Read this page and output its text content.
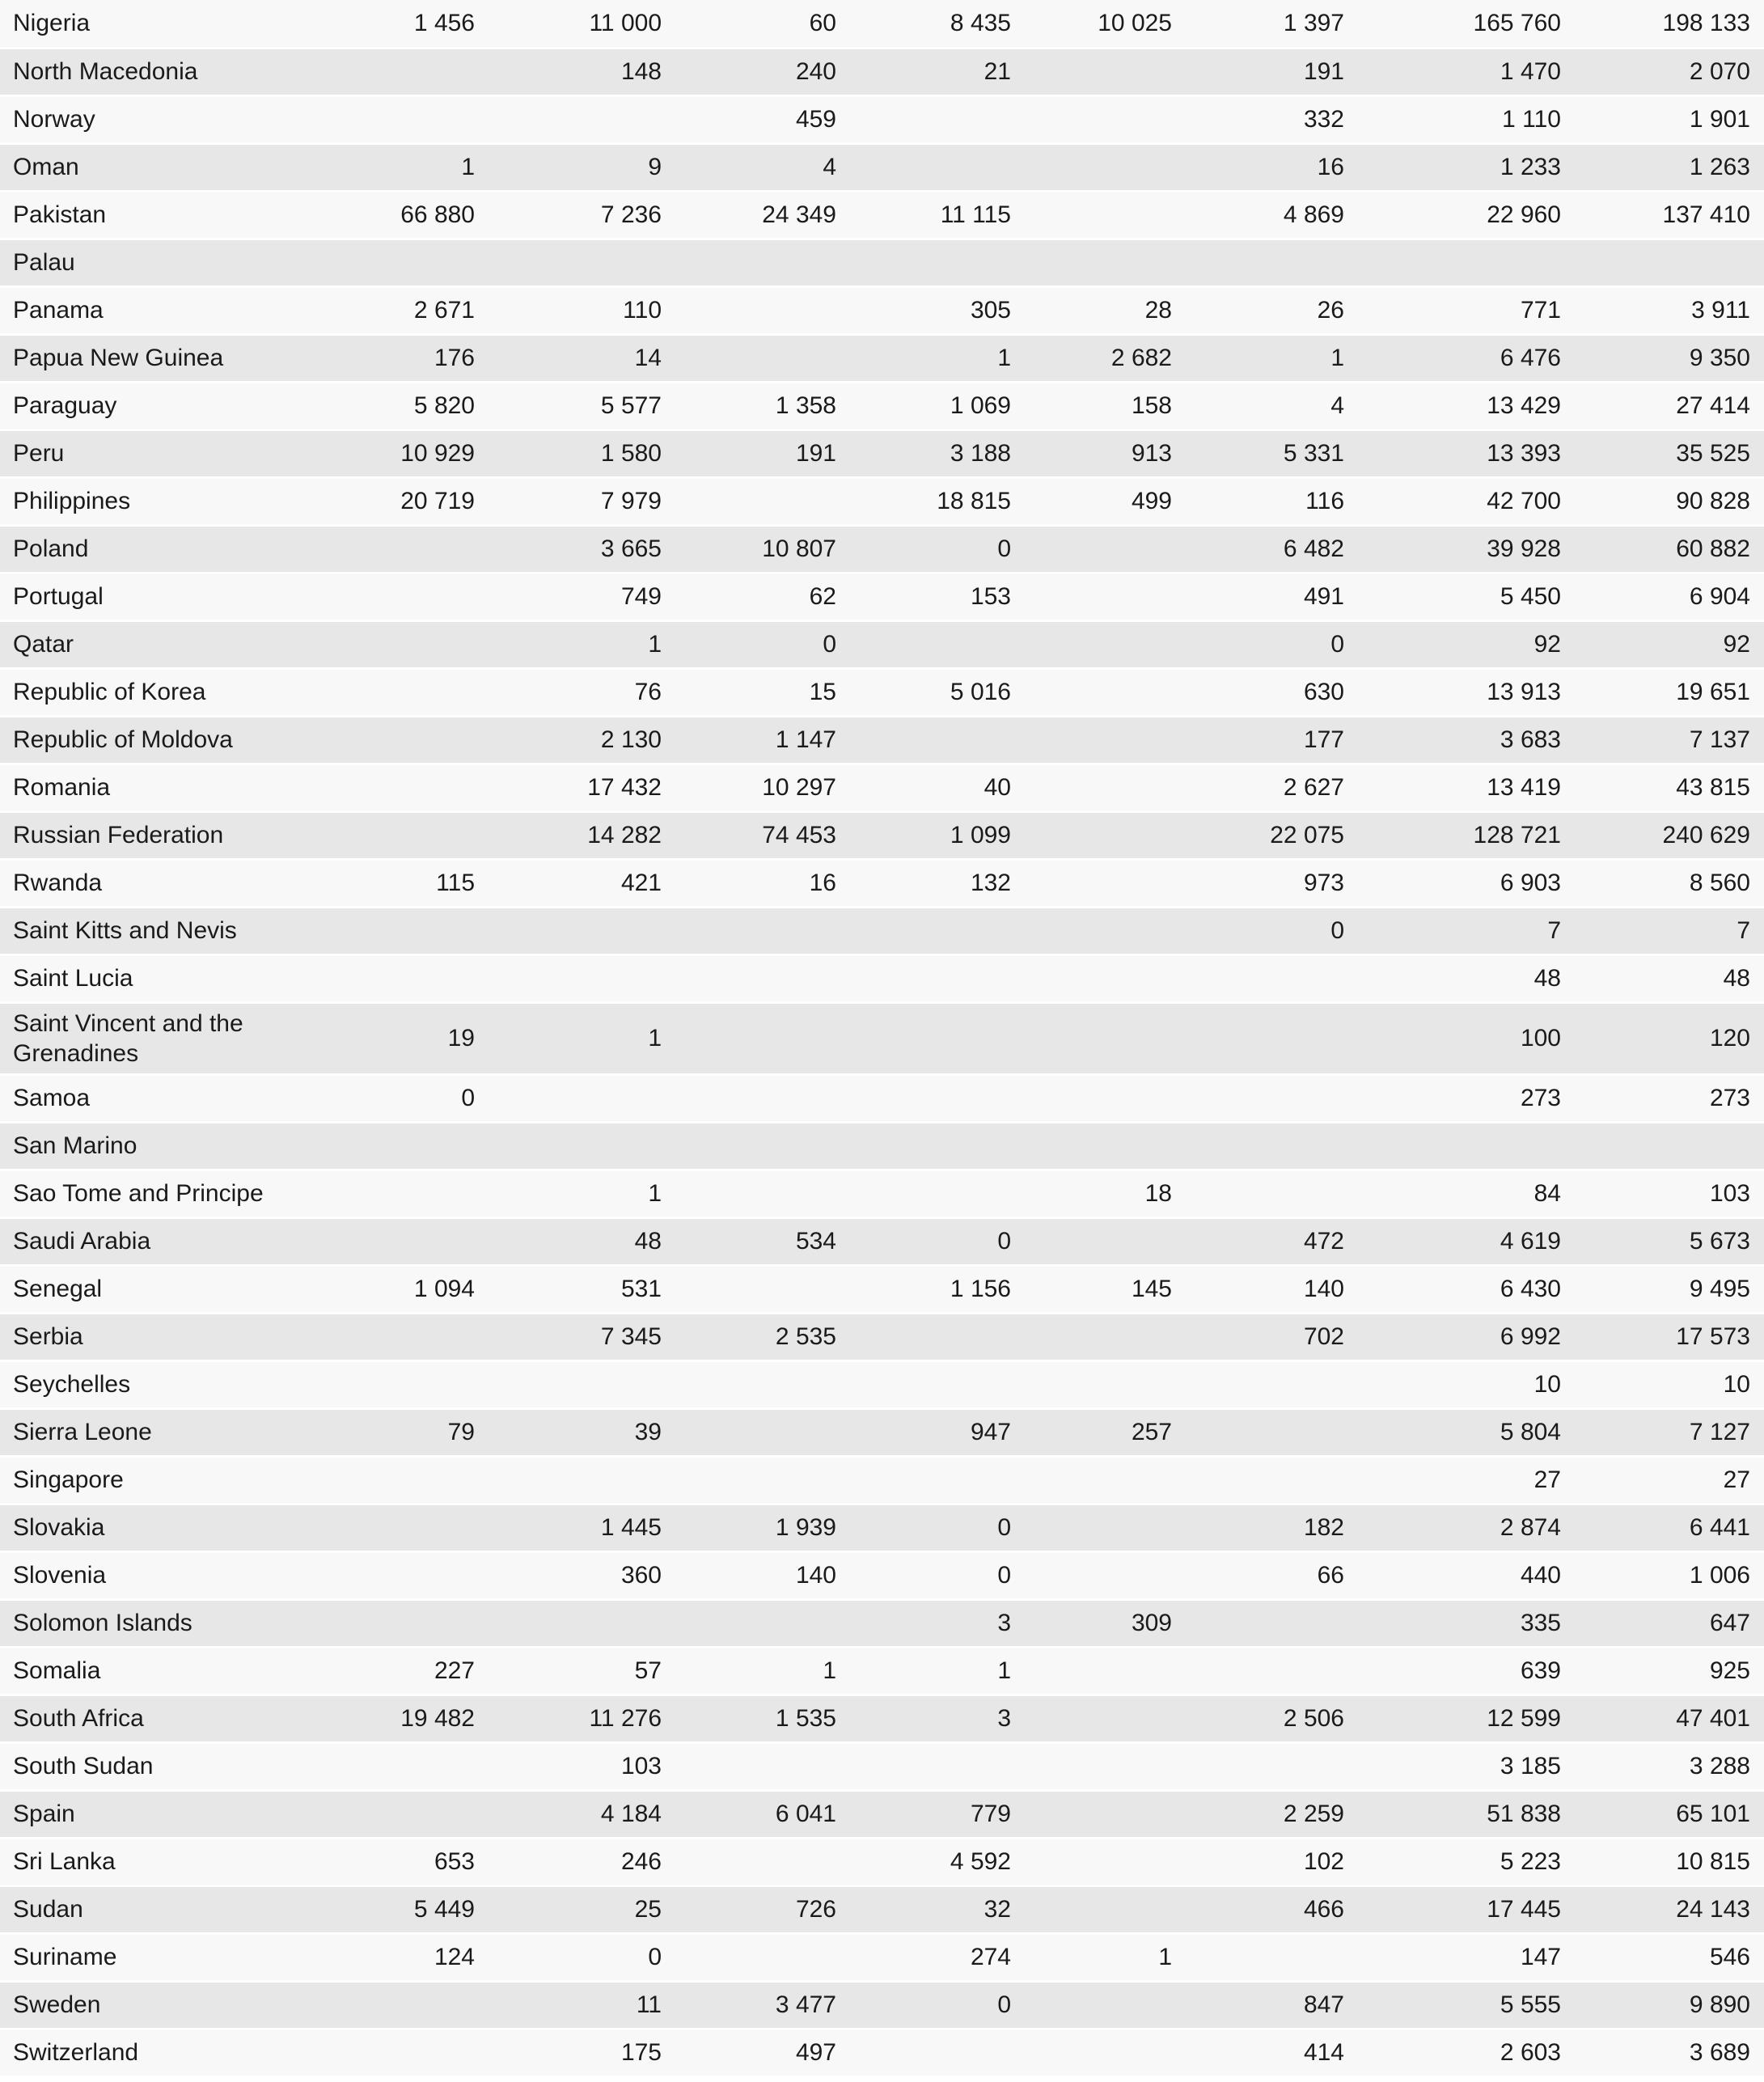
Nigeria	1 456	11 000	60	8 435	10 025	1 397	165 760	198 133
North Macedonia		148	240	21		191	1 470	2 070
Norway			459			332	1 110	1 901
Oman	1	9	4			16	1 233	1 263
Pakistan	66 880	7 236	24 349	11 115		4 869	22 960	137 410
Palau								
Panama	2 671	110		305	28	26	771	3 911
Papua New Guinea	176	14		1	2 682	1	6 476	9 350
Paraguay	5 820	5 577	1 358	1 069	158	4	13 429	27 414
Peru	10 929	1 580	191	3 188	913	5 331	13 393	35 525
Philippines	20 719	7 979		18 815	499	116	42 700	90 828
Poland		3 665	10 807	0		6 482	39 928	60 882
Portugal		749	62	153		491	5 450	6 904
Qatar		1	0			0	92	92
Republic of Korea		76	15	5 016		630	13 913	19 651
Republic of Moldova		2 130	1 147			177	3 683	7 137
Romania		17 432	10 297	40		2 627	13 419	43 815
Russian Federation		14 282	74 453	1 099		22 075	128 721	240 629
Rwanda	115	421	16	132		973	6 903	8 560
Saint Kitts and Nevis						0	7	7
Saint Lucia							48	48
Saint Vincent and the Grenadines	19	1					100	120
Samoa	0						273	273
San Marino								
Sao Tome and Principe		1			18		84	103
Saudi Arabia		48	534	0		472	4 619	5 673
Senegal	1 094	531		1 156	145	140	6 430	9 495
Serbia		7 345	2 535			702	6 992	17 573
Seychelles							10	10
Sierra Leone	79	39		947	257		5 804	7 127
Singapore							27	27
Slovakia		1 445	1 939	0		182	2 874	6 441
Slovenia		360	140	0		66	440	1 006
Solomon Islands				3	309		335	647
Somalia	227	57	1	1			639	925
South Africa	19 482	11 276	1 535	3		2 506	12 599	47 401
South Sudan		103					3 185	3 288
Spain		4 184	6 041	779		2 259	51 838	65 101
Sri Lanka	653	246		4 592		102	5 223	10 815
Sudan	5 449	25	726	32		466	17 445	24 143
Suriname	124	0		274	1		147	546
Sweden		11	3 477	0		847	5 555	9 890
Switzerland		175	497			414	2 603	3 689
